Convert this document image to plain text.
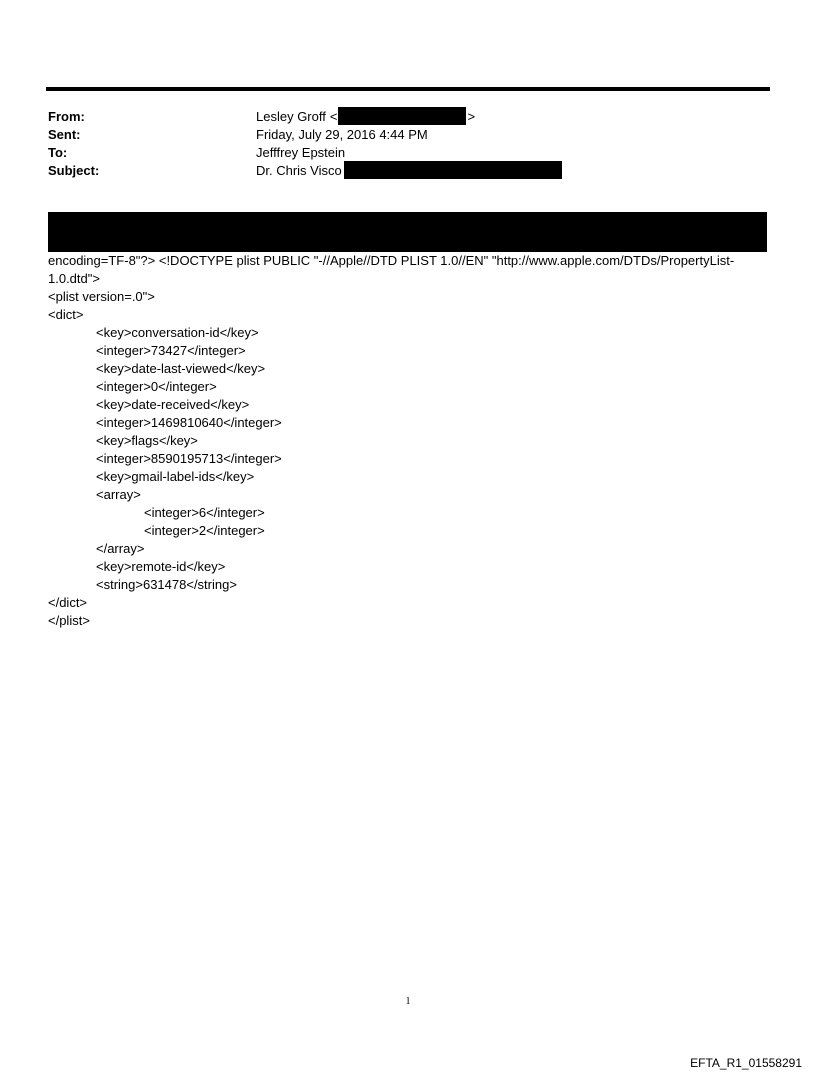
From:	Lesley Groff <	>
Sent:	Friday, July 29, 2016 4:44 PM
To:	Jefffrey Epstein
Subject:	Dr. Chris Visco
encoding=TF-8"?> <!DOCTYPE plist PUBLIC "-//Apple//DTD PLIST 1.0//EN" "http://www.apple.com/DTDs/PropertyList-
1.0.dtd">
<plist version=.0">
<dict>
<key>conversation-id</key>
<integer>73427</integer>
<key>date-last-viewed</key>
<integer>0</integer>
<key>date-received</key>
<integer>1469810640</integer>
<key>flags</key>
<integer>8590195713</integer>
<key>gmail-label-ids</key>
<array>
<integer>6</integer>
<integer>2</integer>
</array>
<key>remote-id</key>
<string>631478</string>
</dict>
</plist>
1
EFTA_R1_01558291
